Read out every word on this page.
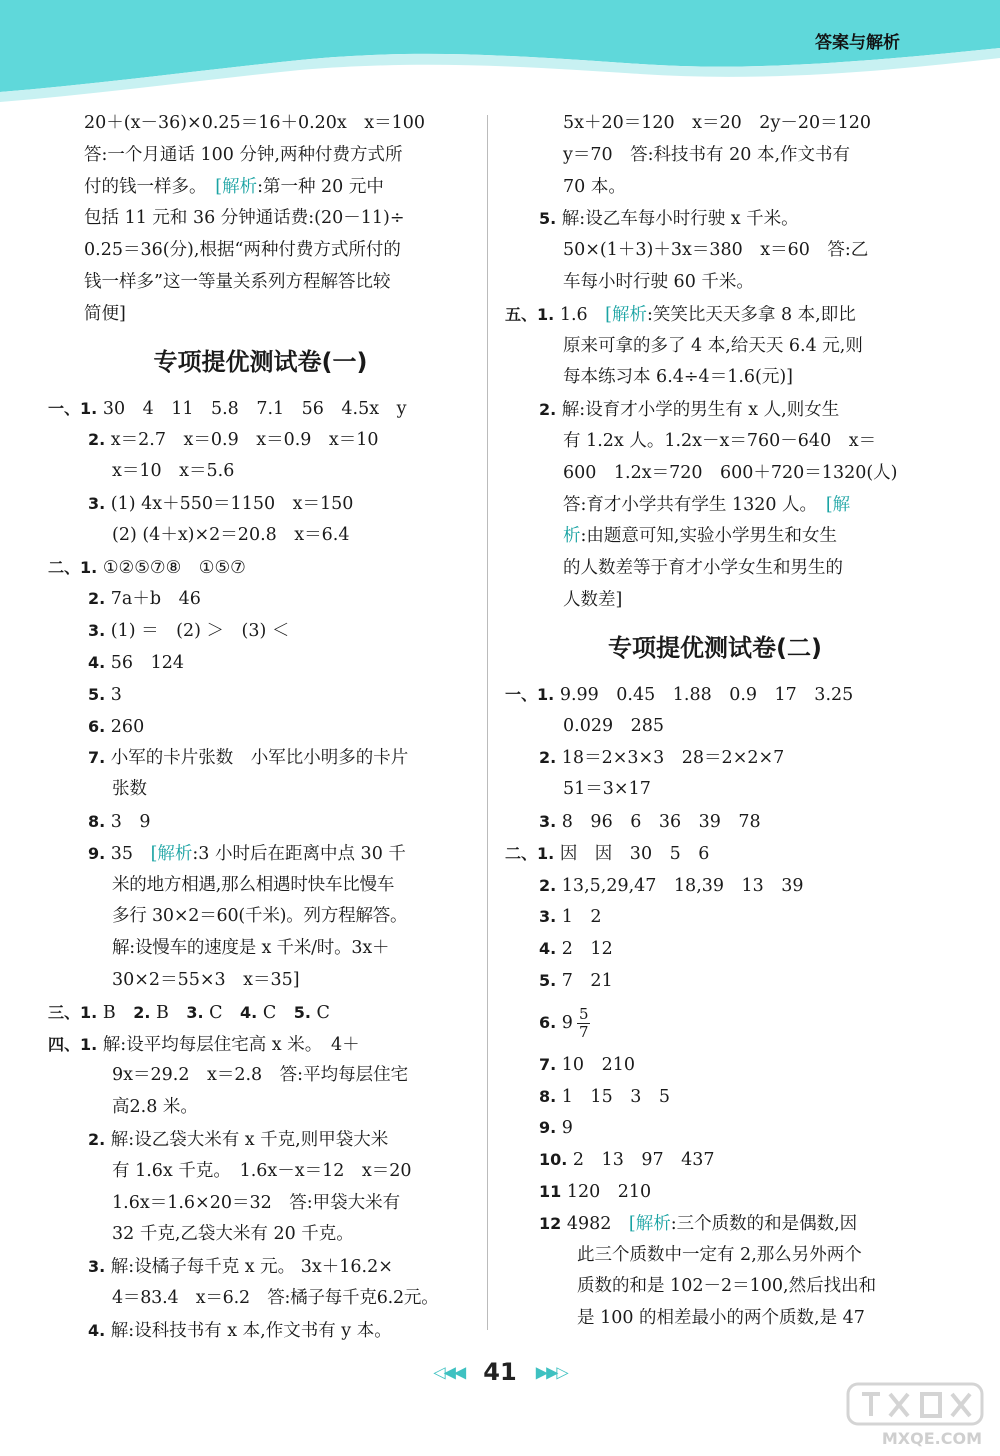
答案与解析
20＋(x－36)×0.25＝16＋0.20x　x＝100
答:一个月通话 100 分钟,两种付费方式所
付的钱一样多。　 [解析:第一种 20 元中
包括 11 元和 36 分钟通话费:(20－11)÷
0.25＝36(分),根据“两种付费方式所付的
钱一样多”这一等量关系列方程解答比较
简便]
专项提优测试卷(一)
一、1. 30　4　11　5.8　7.1　56　4.5x　y
2. x＝2.7　x＝0.9　x＝0.9　x＝10
x＝10　x＝5.6
3. (1) 4x＋550＝1150　x＝150
(2) (4＋x)×2＝20.8　x＝6.4
二、1. ①②⑤⑦⑧　①⑤⑦
2. 7a＋b　46
3. (1) ＝　(2) ＞　(3) ＜
4. 56　124
5. 3
6. 260
7. 小军的卡片张数　小军比小明多的卡片
张数
8. 3　9
9. 35　[解析:3 小时后在距离中点 30 千
米的地方相遇,那么相遇时快车比慢车
多行 30×2＝60(千米)。列方程解答。
解:设慢车的速度是 x 千米/时。3x＋
30×2＝55×3　x＝35]
三、1. B　 2. B　 3. C　 4. C　 5. C
四、1. 解:设平均每层住宅高 x 米。　4＋
9x＝29.2　x＝2.8　答:平均每层住宅
高2.8 米。
2. 解:设乙袋大米有 x 千克,则甲袋大米
有 1.6x 千克。　1.6x－x＝12　x＝20
1.6x＝1.6×20＝32　答:甲袋大米有
32 千克,乙袋大米有 20 千克。
3. 解:设橘子每千克 x 元。 3x＋16.2×
4＝83.4　x＝6.2　答:橘子每千克6.2元。
4. 解:设科技书有 x 本,作文书有 y 本。
5x＋20＝120　x＝20　2y－20＝120
y＝70　答:科技书有 20 本,作文书有
70 本。
5. 解:设乙车每小时行驶 x 千米。
50×(1＋3)＋3x＝380　x＝60　答:乙
车每小时行驶 60 千米。
五、1. 1.6　[解析:笑笑比天天多拿 8 本,即比
原来可拿的多了 4 本,给天天 6.4 元,则
每本练习本 6.4÷4＝1.6(元)]
2. 解:设育才小学的男生有 x 人,则女生
有 1.2x 人。1.2x－x＝760－640　x＝
600　1.2x＝720　600＋720＝1320(人)
答:育才小学共有学生 1320 人。　 [解
析:由题意可知,实验小学男生和女生
的人数差等于育才小学女生和男生的
人数差]
专项提优测试卷(二)
一、1. 9.99　0.45　1.88　0.9　17　3.25
0.029　285
2. 18＝2×3×3　28＝2×2×7
51＝3×17
3. 8　96　6　36　39　78
二、1. 因　因　30　5　6
2. 13,5,29,47　18,39　13　39
3. 1　2
4. 2　12
5. 7　21
6. $9 \frac{5}{7}$
7. 10　210
8. 1　15　3　5
9. 9
10. 2　13　97　437
11 120　210
12 4982　[解析:三个质数的和是偶数,因
此三个质数中一定有 2,那么另外两个
质数的和是 102－2＝100,然后找出和
是 100 的相差最小的两个质数,是 47
◁◀◀ 41 ▶▶▷
MXQE.COM
